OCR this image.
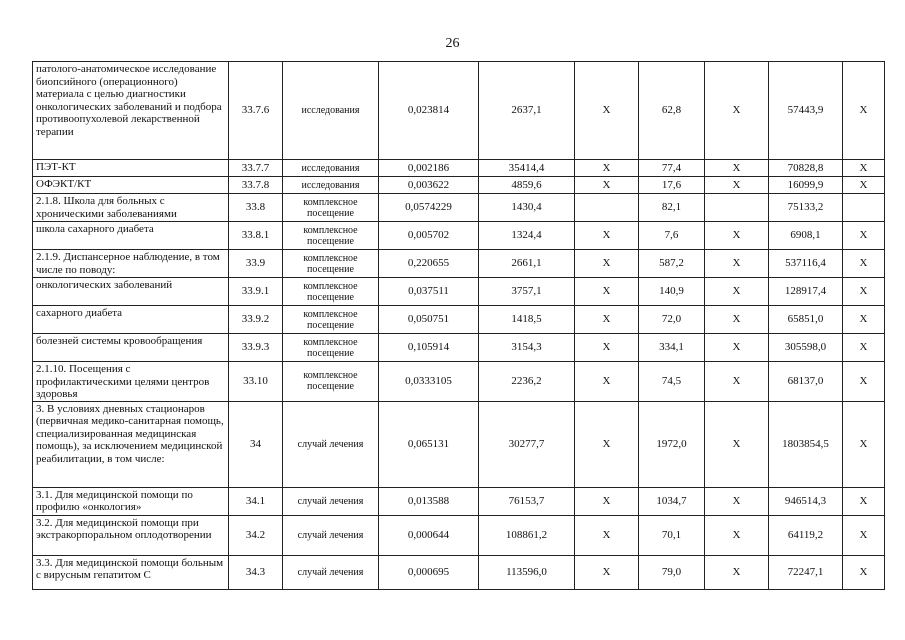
26
патолого-анатомическое исследование биопсийного (операционного) материала с целью диагностики онкологических заболеваний и подбора противоопухолевой лекарственной терапии	33.7.6	исследования	0,023814	2637,1	X	62,8	X	57443,9	X
ПЭТ-КТ	33.7.7	исследования	0,002186	35414,4	X	77,4	X	70828,8	X
ОФЭКТ/КТ	33.7.8	исследования	0,003622	4859,6	X	17,6	X	16099,9	X
2.1.8. Школа для больных с хроническими заболеваниями	33.8	комплексное посещение	0,0574229	1430,4		82,1		75133,2	
школа сахарного диабета	33.8.1	комплексное посещение	0,005702	1324,4	X	7,6	X	6908,1	X
2.1.9. Диспансерное наблюдение, в том числе по поводу:	33.9	комплексное посещение	0,220655	2661,1	X	587,2	X	537116,4	X
онкологических заболеваний	33.9.1	комплексное посещение	0,037511	3757,1	X	140,9	X	128917,4	X
сахарного диабета	33.9.2	комплексное посещение	0,050751	1418,5	X	72,0	X	65851,0	X
болезней системы кровообращения	33.9.3	комплексное посещение	0,105914	3154,3	X	334,1	X	305598,0	X
2.1.10. Посещения с профилактическими целями центров здоровья	33.10	комплексное посещение	0,0333105	2236,2	X	74,5	X	68137,0	X
3. В условиях дневных стационаров (первичная медико-санитарная помощь, специализированная медицинская помощь), за исключением медицинской реабилитации, в том числе:	34	случай лечения	0,065131	30277,7	X	1972,0	X	1803854,5	X
3.1. Для медицинской помощи по профилю «онкология»	34.1	случай лечения	0,013588	76153,7	X	1034,7	X	946514,3	X
3.2. Для медицинской помощи при экстракорпоральном оплодотворении	34.2	случай лечения	0,000644	108861,2	X	70,1	X	64119,2	X
3.3. Для медицинской помощи больным с вирусным гепатитом С	34.3	случай лечения	0,000695	113596,0	X	79,0	X	72247,1	X
